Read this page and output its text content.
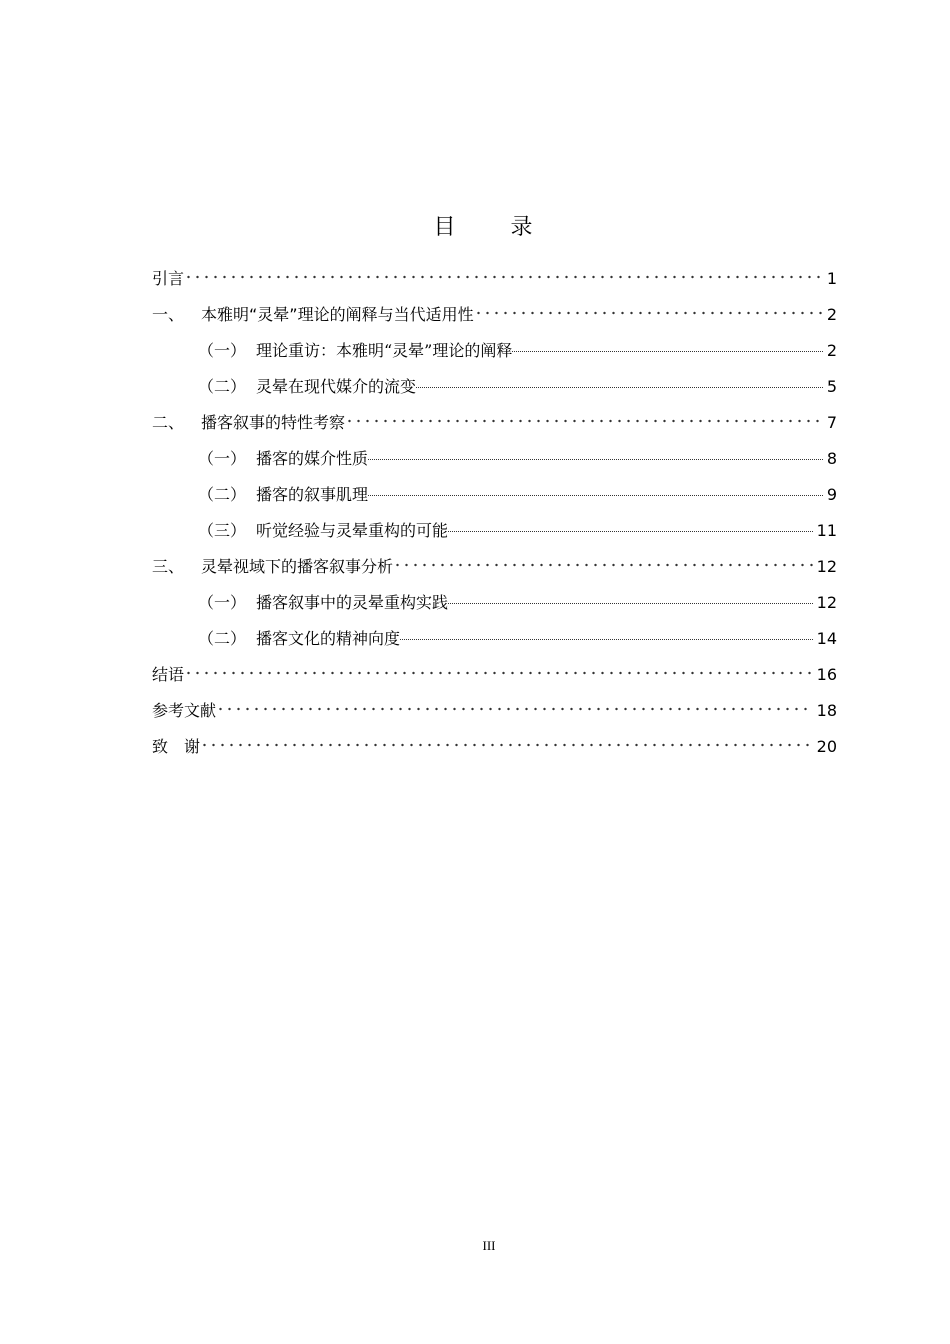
目 录
引言	1
一、	本雅明“灵晕”理论的阐释与当代适用性	2
（一） 理论重访：本雅明“灵晕”理论的阐释	2
（二） 灵晕在现代媒介的流变	5
二、	播客叙事的特性考察	7
（一） 播客的媒介性质	8
（二） 播客的叙事肌理	9
（三） 听觉经验与灵晕重构的可能	11
三、	灵晕视域下的播客叙事分析	12
（一） 播客叙事中的灵晕重构实践	12
（二） 播客文化的精神向度	14
结语	16
参考文献	18
致　谢	20
III
